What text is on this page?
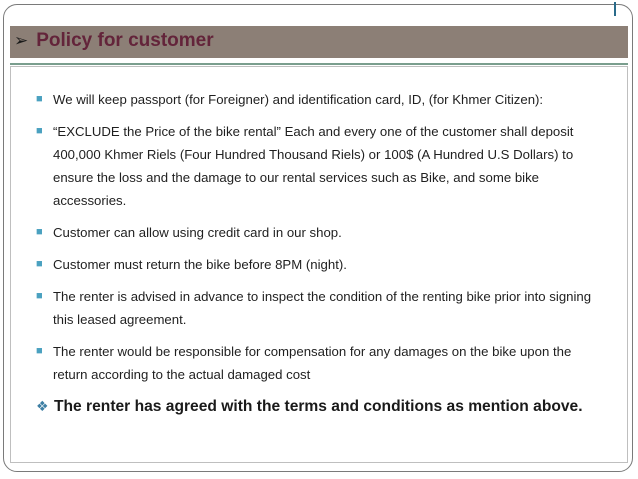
➢ Policy for customer
■ We will keep passport (for Foreigner) and identification card, ID, (for Khmer Citizen):
■ “EXCLUDE the Price of the bike rental” Each and every one of the customer shall deposit 400,000 Khmer Riels (Four Hundred Thousand Riels) or 100$ (A Hundred U.S Dollars) to ensure the loss and the damage to our rental services such as Bike, and some bike accessories.
■ Customer can allow using credit card in our shop.
■ Customer must return the bike before 8PM (night).
■ The renter is advised in advance to inspect the condition of the renting bike prior into signing this leased agreement.
■ The renter would be responsible for compensation for any damages on the bike upon the return according to the actual damaged cost
❖ The renter has agreed with the terms and conditions as mention above.
